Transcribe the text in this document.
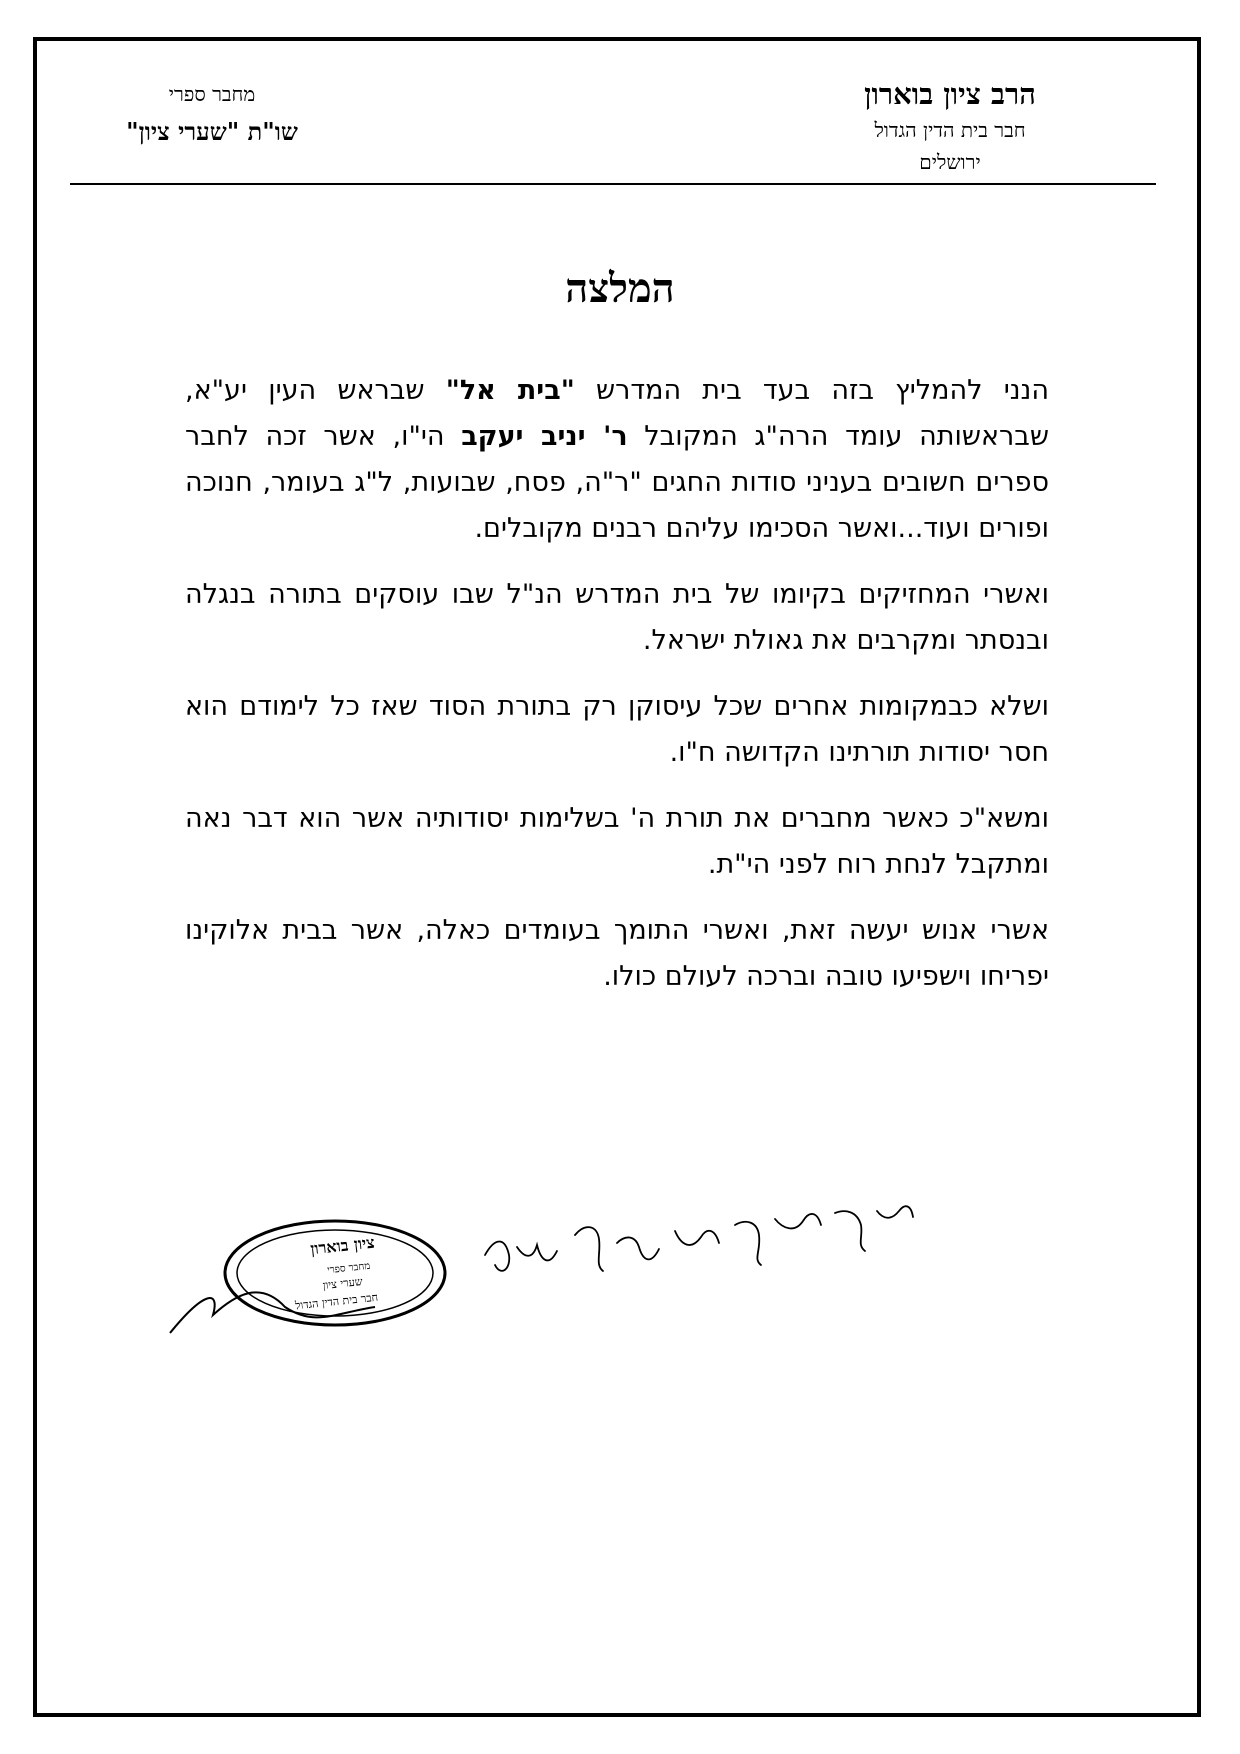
הרב ציון בוארון
חבר בית הדין הגדול
ירושלים
מחבר ספרי
שו"ת "שערי ציון"
המלצה

הנני להמליץ בזה בעד בית המדרש "בית אל" שבראש העין יע"א, שבראשותה עומד הרה"ג המקובל ר' יניב יעקב הי"ו, אשר זכה לחבר ספרים חשובים בעניני סודות החגים "ר"ה, פסח, שבועות, ל"ג בעומר, חנוכה ופורים ועוד...ואשר הסכימו עליהם רבנים מקובלים.

ואשרי המחזיקים בקיומו של בית המדרש הנ"ל שבו עוסקים בתורה בנגלה ובנסתר ומקרבים את גאולת ישראל.

ושלא כבמקומות אחרים שכל עיסוקן רק בתורת הסוד שאז כל לימודם הוא חסר יסודות תורתינו הקדושה ח"ו.

ומשא"כ כאשר מחברים את תורת ה' בשלימות יסודותיה אשר הוא דבר נאה ומתקבל לנחת רוח לפני הי"ת.

אשרי אנוש יעשה זאת, ואשרי התומך בעומדים כאלה, אשר בבית אלוקינו יפריחו וישפיעו טובה וברכה לעולם כולו.

ציון בוארון
מחבר ספרי
שערי ציון
חבר בית הדין הגדול
